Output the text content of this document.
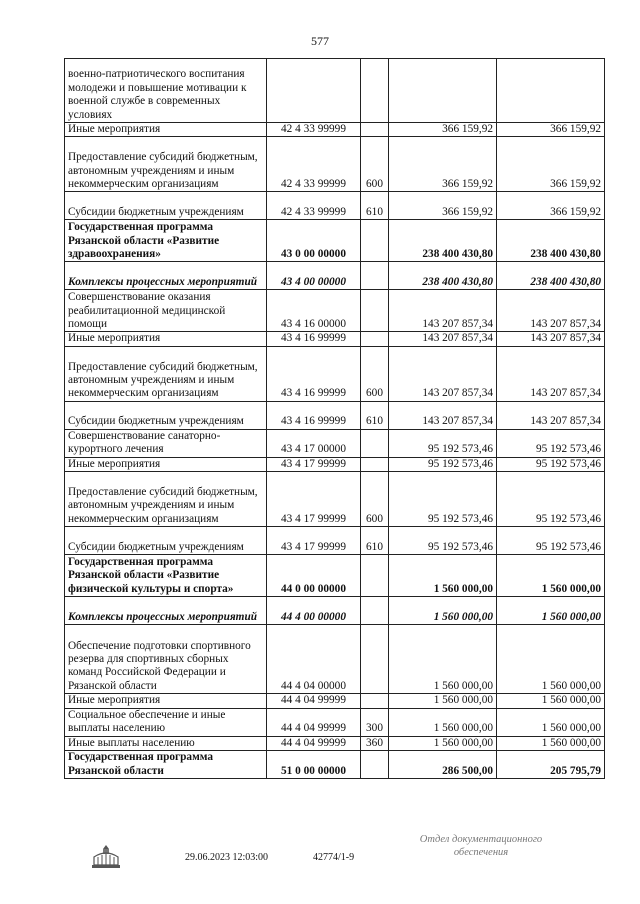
577
военно-патриотического воспитания молодежи и повышение мотивации к военной службе в современных условиях				
Иные мероприятия	42 4 33 99999		366 159,92	366 159,92
Предоставление субсидий бюджетным, автономным учреждениям и иным некоммерческим организациям	42 4 33 99999	600	366 159,92	366 159,92
Субсидии бюджетным учреждениям	42 4 33 99999	610	366 159,92	366 159,92
Государственная программа Рязанской области «Развитие здравоохранения»	43 0 00 00000		238 400 430,80	238 400 430,80
Комплексы процессных мероприятий	43 4 00 00000		238 400 430,80	238 400 430,80
Совершенствование оказания реабилитационной медицинской помощи	43 4 16 00000		143 207 857,34	143 207 857,34
Иные мероприятия	43 4 16 99999		143 207 857,34	143 207 857,34
Предоставление субсидий бюджетным, автономным учреждениям и иным некоммерческим организациям	43 4 16 99999	600	143 207 857,34	143 207 857,34
Субсидии бюджетным учреждениям	43 4 16 99999	610	143 207 857,34	143 207 857,34
Совершенствование санаторно-курортного лечения	43 4 17 00000		95 192 573,46	95 192 573,46
Иные мероприятия	43 4 17 99999		95 192 573,46	95 192 573,46
Предоставление субсидий бюджетным, автономным учреждениям и иным некоммерческим организациям	43 4 17 99999	600	95 192 573,46	95 192 573,46
Субсидии бюджетным учреждениям	43 4 17 99999	610	95 192 573,46	95 192 573,46
Государственная программа Рязанской области «Развитие физической культуры и спорта»	44 0 00 00000		1 560 000,00	1 560 000,00
Комплексы процессных мероприятий	44 4 00 00000		1 560 000,00	1 560 000,00
Обеспечение подготовки спортивного резерва для спортивных сборных команд Российской Федерации и Рязанской области	44 4 04 00000		1 560 000,00	1 560 000,00
Иные мероприятия	44 4 04 99999		1 560 000,00	1 560 000,00
Социальное обеспечение и иные выплаты населению	44 4 04 99999	300	1 560 000,00	1 560 000,00
Иные выплаты населению	44 4 04 99999	360	1 560 000,00	1 560 000,00
Государственная программа Рязанской области	51 0 00 00000		286 500,00	205 795,79
29.06.2023 12:03:00	42774/1-9
Отдел документационного
обеспечения
